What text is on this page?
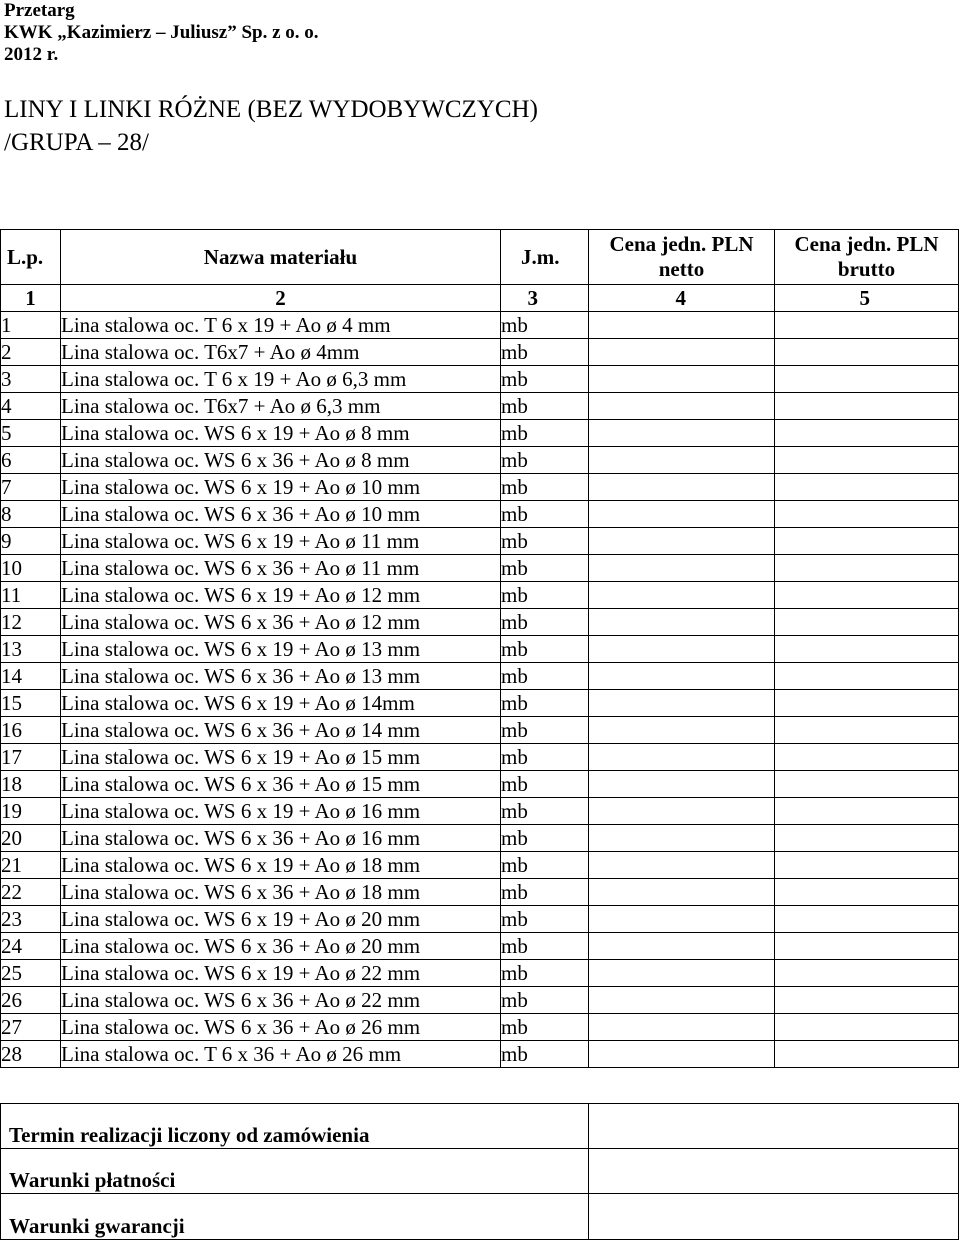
Przetarg
KWK „Kazimierz – Juliusz” Sp. z o. o.
2012 r.
LINY I LINKI RÓŻNE (BEZ WYDOBYWCZYCH)
/GRUPA – 28/
L.p.	Nazwa materiału	J.m.	Cena jedn. PLN netto	Cena jedn. PLN brutto
1	2	3	4	5
1	Lina stalowa oc. T 6 x 19 + Ao ø 4 mm	mb		
2	Lina stalowa oc. T6x7 + Ao ø 4mm	mb		
3	Lina stalowa oc. T 6 x 19 + Ao ø 6,3 mm	mb		
4	Lina stalowa oc. T6x7 + Ao ø 6,3 mm	mb		
5	Lina stalowa oc. WS 6 x 19 + Ao ø 8 mm	mb		
6	Lina stalowa oc. WS 6 x 36 + Ao ø 8 mm	mb		
7	Lina stalowa oc. WS 6 x 19 + Ao ø 10 mm	mb		
8	Lina stalowa oc. WS 6 x 36 + Ao ø 10 mm	mb		
9	Lina stalowa oc. WS 6 x 19 + Ao ø 11 mm	mb		
10	Lina stalowa oc. WS 6 x 36 + Ao ø 11 mm	mb		
11	Lina stalowa oc. WS 6 x 19 + Ao ø 12 mm	mb		
12	Lina stalowa oc. WS 6 x 36 + Ao ø 12 mm	mb		
13	Lina stalowa oc. WS 6 x 19 + Ao ø 13 mm	mb		
14	Lina stalowa oc. WS 6 x 36 + Ao ø 13 mm	mb		
15	Lina stalowa oc. WS 6 x 19 + Ao ø 14mm	mb		
16	Lina stalowa oc. WS 6 x 36 + Ao ø 14 mm	mb		
17	Lina stalowa oc. WS 6 x 19 + Ao ø 15 mm	mb		
18	Lina stalowa oc. WS 6 x 36 + Ao ø 15 mm	mb		
19	Lina stalowa oc. WS 6 x 19 + Ao ø 16 mm	mb		
20	Lina stalowa oc. WS 6 x 36 + Ao ø 16 mm	mb		
21	Lina stalowa oc. WS 6 x 19 + Ao ø 18 mm	mb		
22	Lina stalowa oc. WS 6 x 36 + Ao ø 18 mm	mb		
23	Lina stalowa oc. WS 6 x 19 + Ao ø 20 mm	mb		
24	Lina stalowa oc. WS 6 x 36 + Ao ø 20 mm	mb		
25	Lina stalowa oc. WS 6 x 19 + Ao ø 22 mm	mb		
26	Lina stalowa oc. WS 6 x 36 + Ao ø 22 mm	mb		
27	Lina stalowa oc. WS 6 x 36 + Ao ø 26 mm	mb		
28	Lina stalowa oc. T 6 x 36 + Ao ø 26 mm	mb		
Termin realizacji liczony od zamówienia	
Warunki płatności	
Warunki gwarancji	
